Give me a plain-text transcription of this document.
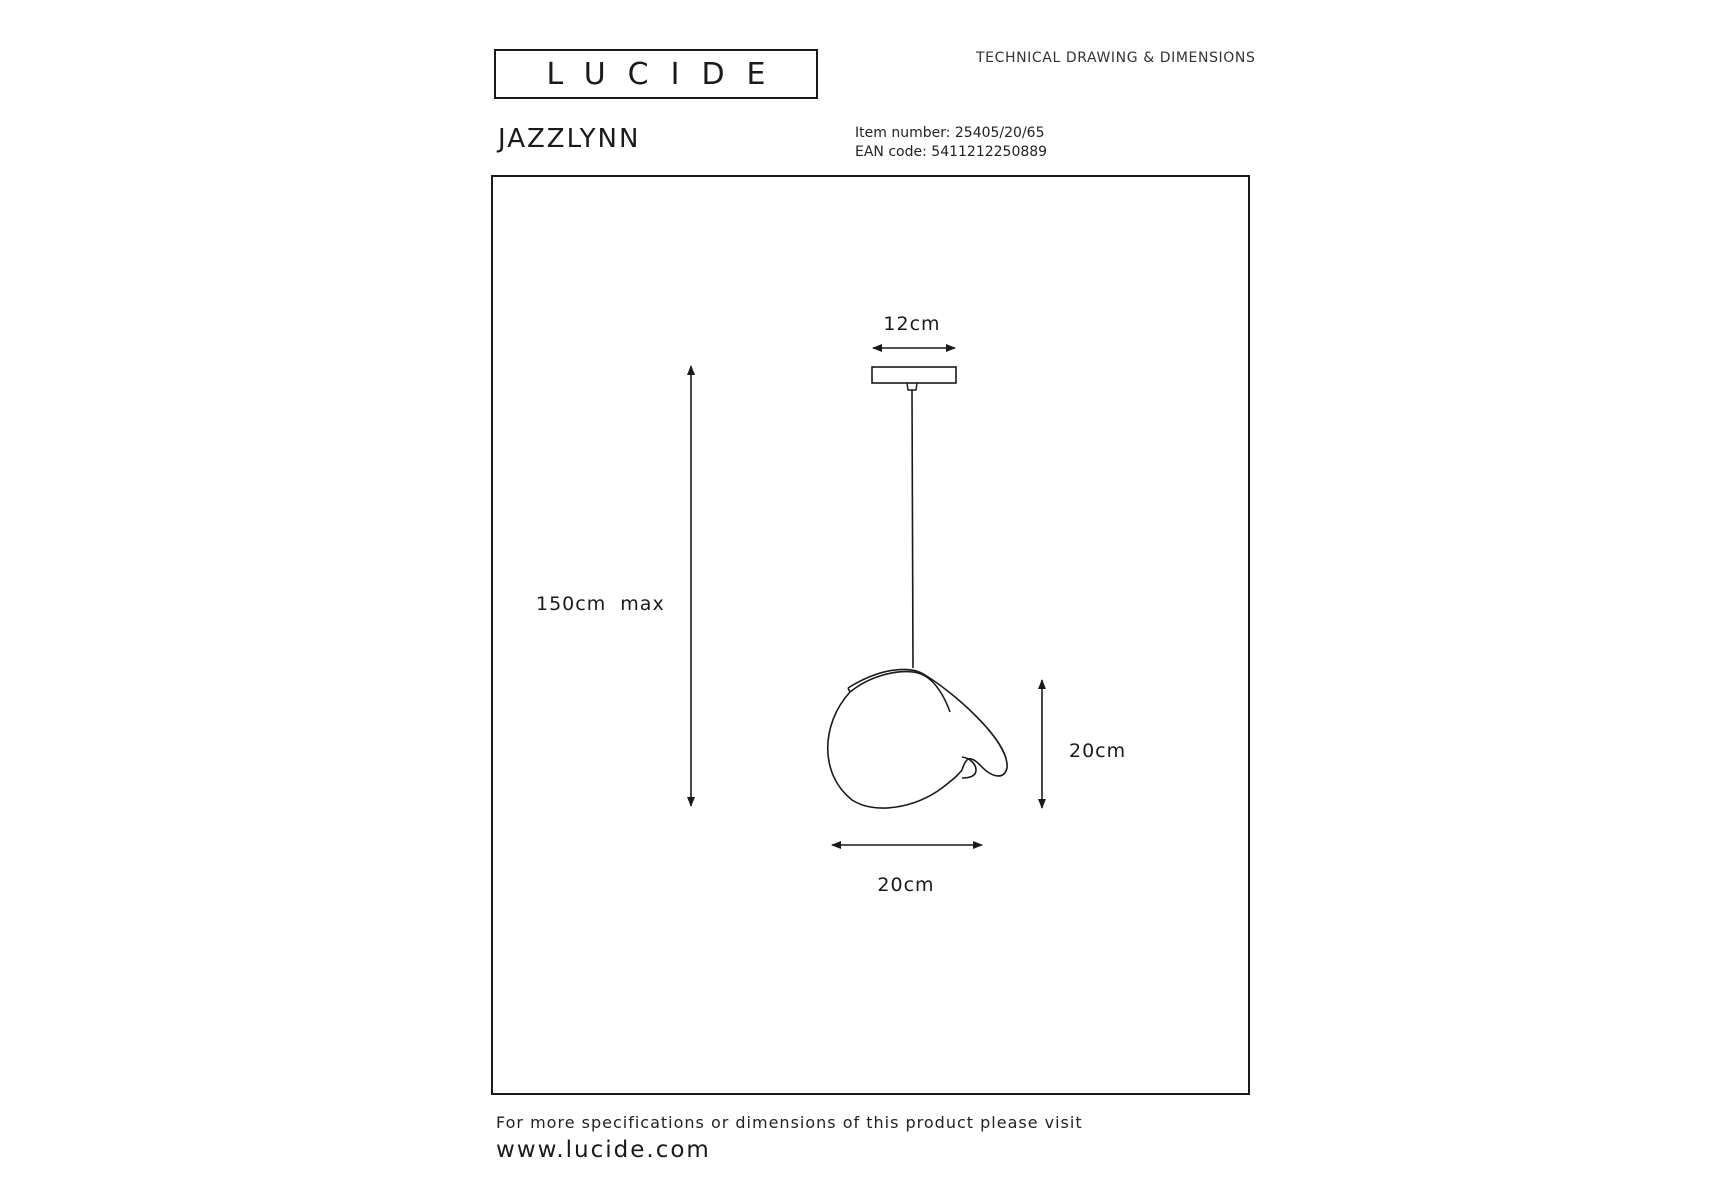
LUCIDE	TECHNICAL DRAWING & DIMENSIONS
JAZZLYNN	Item number: 25405/20/65
EAN code: 5411212250889
12cm
150cm  max
20cm
20cm
For more specifications or dimensions of this product please visit
www.lucide.com
